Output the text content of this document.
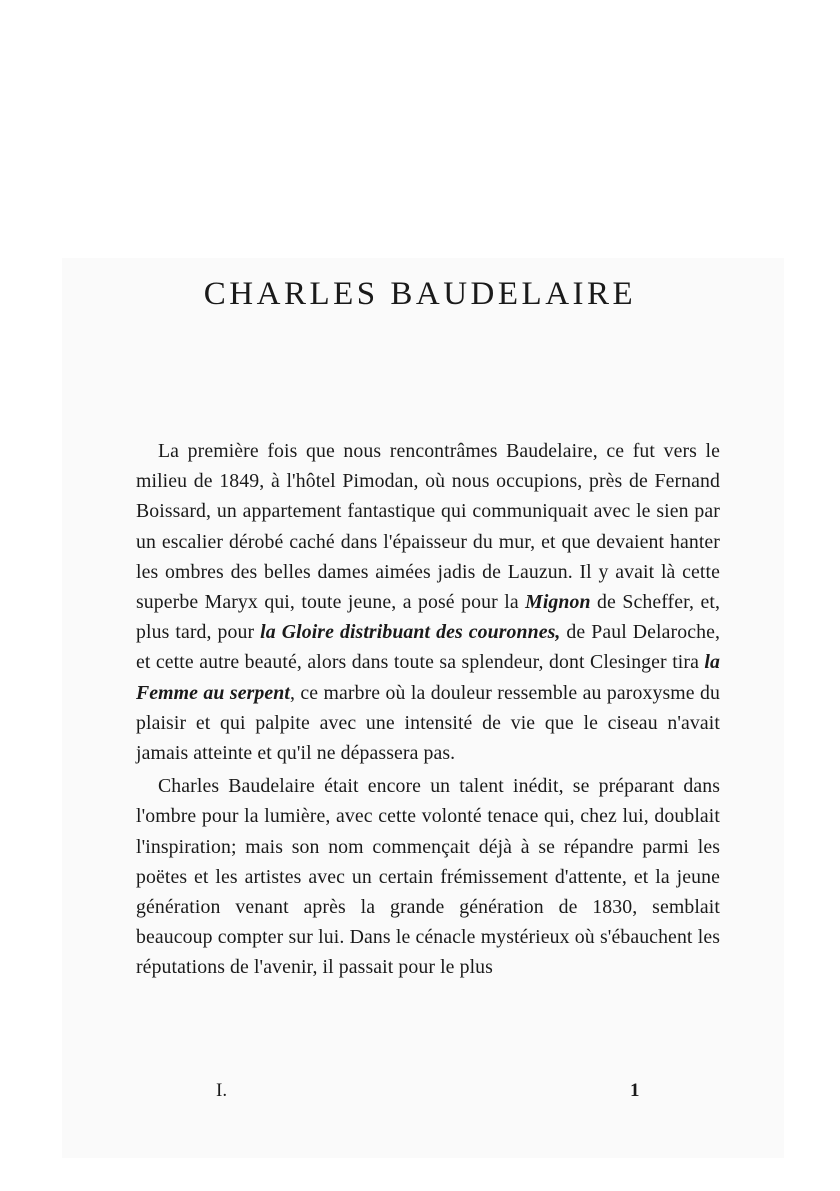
CHARLES BAUDELAIRE

La première fois que nous rencontrâmes Baudelaire, ce fut vers le milieu de 1849, à l'hôtel Pimodan, où nous occupions, près de Fernand Boissard, un appartement fantastique qui communiquait avec le sien par un escalier dérobé caché dans l'épaisseur du mur, et que devaient hanter les ombres des belles dames aimées jadis de Lauzun. Il y avait là cette superbe Maryx qui, toute jeune, a posé pour la Mignon de Scheffer, et, plus tard, pour la Gloire distribuant des couronnes, de Paul Delaroche, et cette autre beauté, alors dans toute sa splendeur, dont Clesinger tira la Femme au serpent, ce marbre où la douleur ressemble au paroxysme du plaisir et qui palpite avec une intensité de vie que le ciseau n'avait jamais atteinte et qu'il ne dépassera pas.

Charles Baudelaire était encore un talent inédit, se préparant dans l'ombre pour la lumière, avec cette volonté tenace qui, chez lui, doublait l'inspiration; mais son nom commençait déjà à se répandre parmi les poëtes et les artistes avec un certain frémissement d'attente, et la jeune génération venant après la grande génération de 1830, semblait beaucoup compter sur lui. Dans le cénacle mystérieux où s'ébauchent les réputations de l'avenir, il passait pour le plus

I.	1
